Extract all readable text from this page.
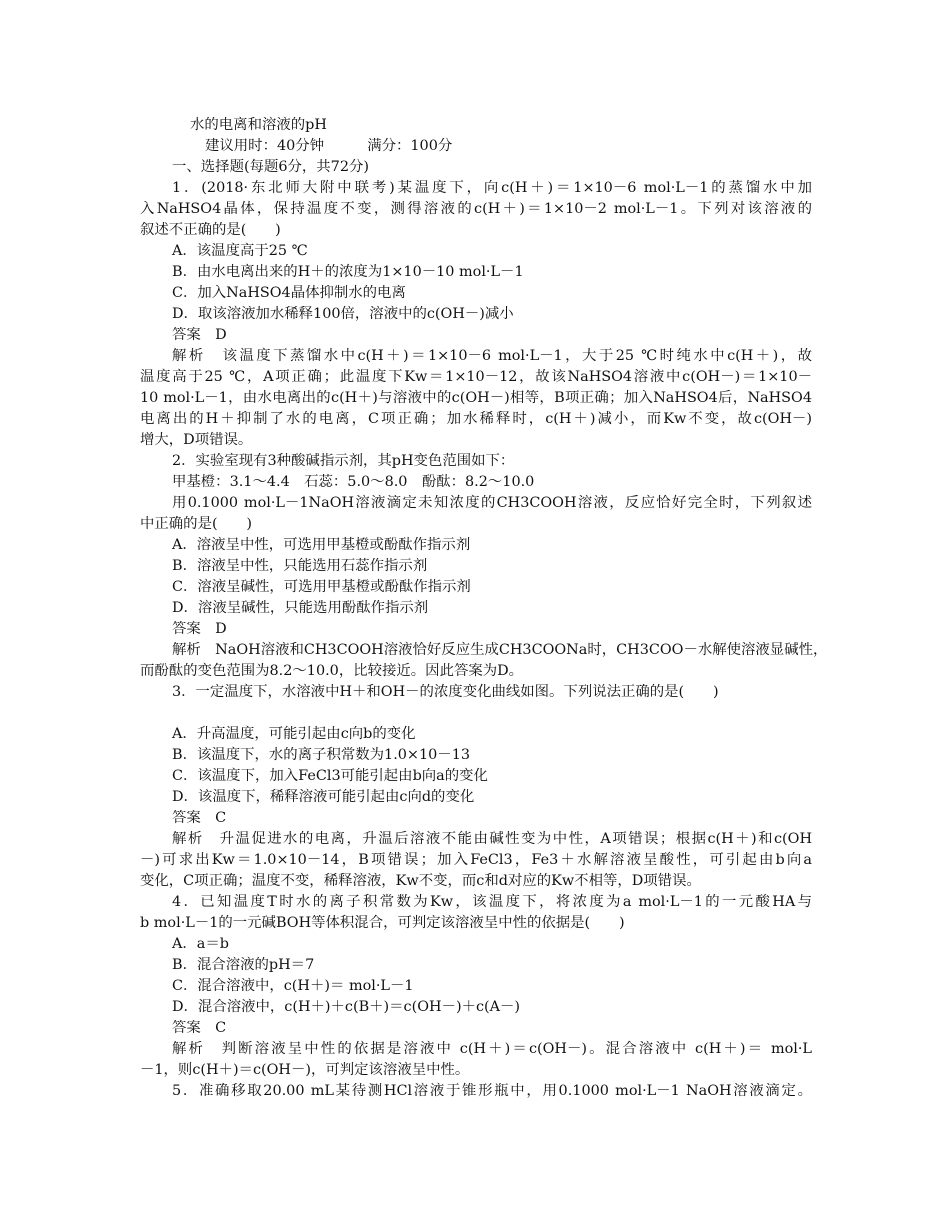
水的电离和溶液的pH

建议用时：40分钟　　　满分：100分

一、选择题(每题6分，共72分)

1．(2018·东北师大附中联考)某温度下，向c(H＋)＝1×10－6 mol·L－1的蒸馏水中加

入NaHSO4晶体，保持温度不变，测得溶液的c(H＋)＝1×10－2 mol·L－1。下列对该溶液的

叙述不正确的是(　　)

A．该温度高于25 ℃

B．由水电离出来的H＋的浓度为1×10－10 mol·L－1

C．加入NaHSO4晶体抑制水的电离

D．取该溶液加水稀释100倍，溶液中的c(OH－)减小

答案　D

解析　该温度下蒸馏水中c(H＋)＝1×10－6 mol·L－1，大于25 ℃时纯水中c(H＋)，故

温度高于25 ℃，A项正确；此温度下Kw＝1×10－12，故该NaHSO4溶液中c(OH－)＝1×10－

10 mol·L－1，由水电离出的c(H＋)与溶液中的c(OH－)相等，B项正确；加入NaHSO4后，NaHSO4

电离出的H＋抑制了水的电离，C项正确；加水稀释时，c(H＋)减小，而Kw不变，故c(OH－)

增大，D项错误。

2．实验室现有3种酸碱指示剂，其pH变色范围如下：

甲基橙：3.1～4.4　石蕊：5.0～8.0　酚酞：8.2～10.0

用0.1000 mol·L－1NaOH溶液滴定未知浓度的CH3COOH溶液，反应恰好完全时，下列叙述

中正确的是(　　)

A．溶液呈中性，可选用甲基橙或酚酞作指示剂

B．溶液呈中性，只能选用石蕊作指示剂

C．溶液呈碱性，可选用甲基橙或酚酞作指示剂

D．溶液呈碱性，只能选用酚酞作指示剂

答案　D

解析　NaOH溶液和CH3COOH溶液恰好反应生成CH3COONa时，CH3COO－水解使溶液显碱性，

而酚酞的变色范围为8.2～10.0，比较接近。因此答案为D。

3．一定温度下，水溶液中H＋和OH－的浓度变化曲线如图。下列说法正确的是(　　)

A．升高温度，可能引起由c向b的变化

B．该温度下，水的离子积常数为1.0×10－13

C．该温度下，加入FeCl3可能引起由b向a的变化

D．该温度下，稀释溶液可能引起由c向d的变化

答案　C

解析　升温促进水的电离，升温后溶液不能由碱性变为中性，A项错误；根据c(H＋)和c(OH

－)可求出Kw＝1.0×10－14，B项错误；加入FeCl3，Fe3＋水解溶液呈酸性，可引起由b向a

变化，C项正确；温度不变，稀释溶液，Kw不变，而c和d对应的Kw不相等，D项错误。

4．已知温度T时水的离子积常数为Kw，该温度下，将浓度为a mol·L－1的一元酸HA与

b mol·L－1的一元碱BOH等体积混合，可判定该溶液呈中性的依据是(　　)

A．a＝b

B．混合溶液的pH＝7

C．混合溶液中，c(H＋)＝ mol·L－1

D．混合溶液中，c(H＋)＋c(B＋)＝c(OH－)＋c(A－)

答案　C

解析　判断溶液呈中性的依据是溶液中 c(H＋)＝c(OH－)。混合溶液中 c(H＋)＝ mol·L

－1，则c(H＋)＝c(OH－)，可判定该溶液呈中性。

5．准确移取20.00 mL某待测HCl溶液于锥形瓶中，用0.1000 mol·L－1 NaOH溶液滴定。
